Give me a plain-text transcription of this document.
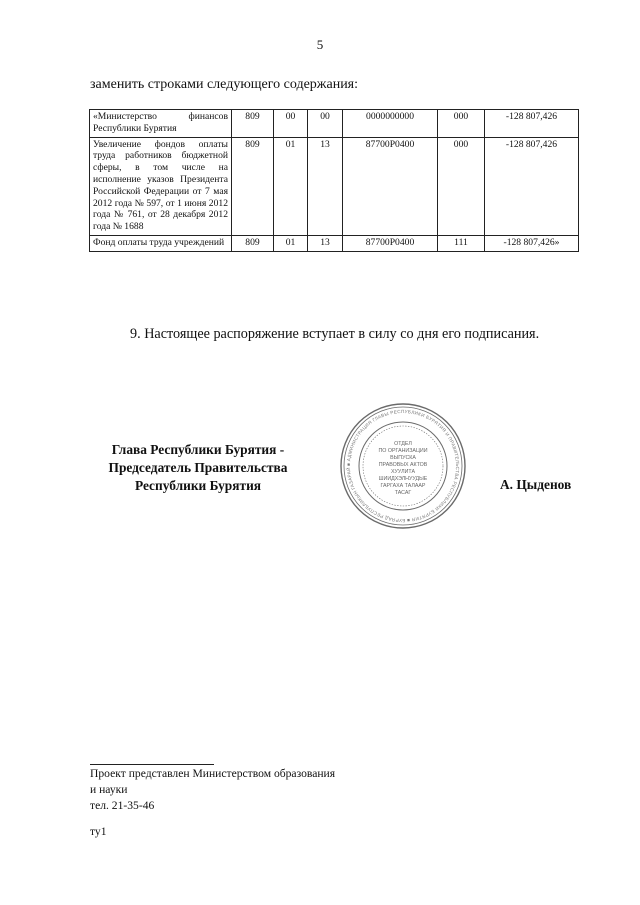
5
заменить строками следующего содержания:
«Министерство финансов Республики Бурятия	809	00	00	0000000000	000	-128 807,426
Увеличение фондов оплаты труда работников бюджетной сферы, в том числе на исполнение указов Президента Российской Федерации от 7 мая 2012 года № 597, от 1 июня 2012 года № 761, от 28 декабря 2012 года № 1688	809	01	13	87700Р0400	000	-128 807,426
Фонд оплаты труда учреждений	809	01	13	87700Р0400	111	-128 807,426»
9. Настоящее распоряжение вступает в силу со дня его подписания.
Глава Республики Бурятия -
Председатель Правительства
Республики Бурятия
■ АДМИНИСТРАЦИЯ ГЛАВЫ РЕСПУБЛИКИ БУРЯТИЯ И ПРАВИТЕЛЬСТВА РЕСПУБЛИКИ БУРЯТИЯ ■ БУРЯАД РЕСПУБЛИКЫН ГАЗАРАЙ
ОТДЕЛ
ПО ОРГАНИЗАЦИИ
ВЫПУСКА
ПРАВОВЫХ АКТОВ
ХУУЛИТА
ШИИДХЭЛНУУДЫЕ
ГАРГАХА ТАЛААР
ТАСАГ
А. Цыденов
Проект представлен Министерством образования
и науки
тел. 21-35-46
ту1
